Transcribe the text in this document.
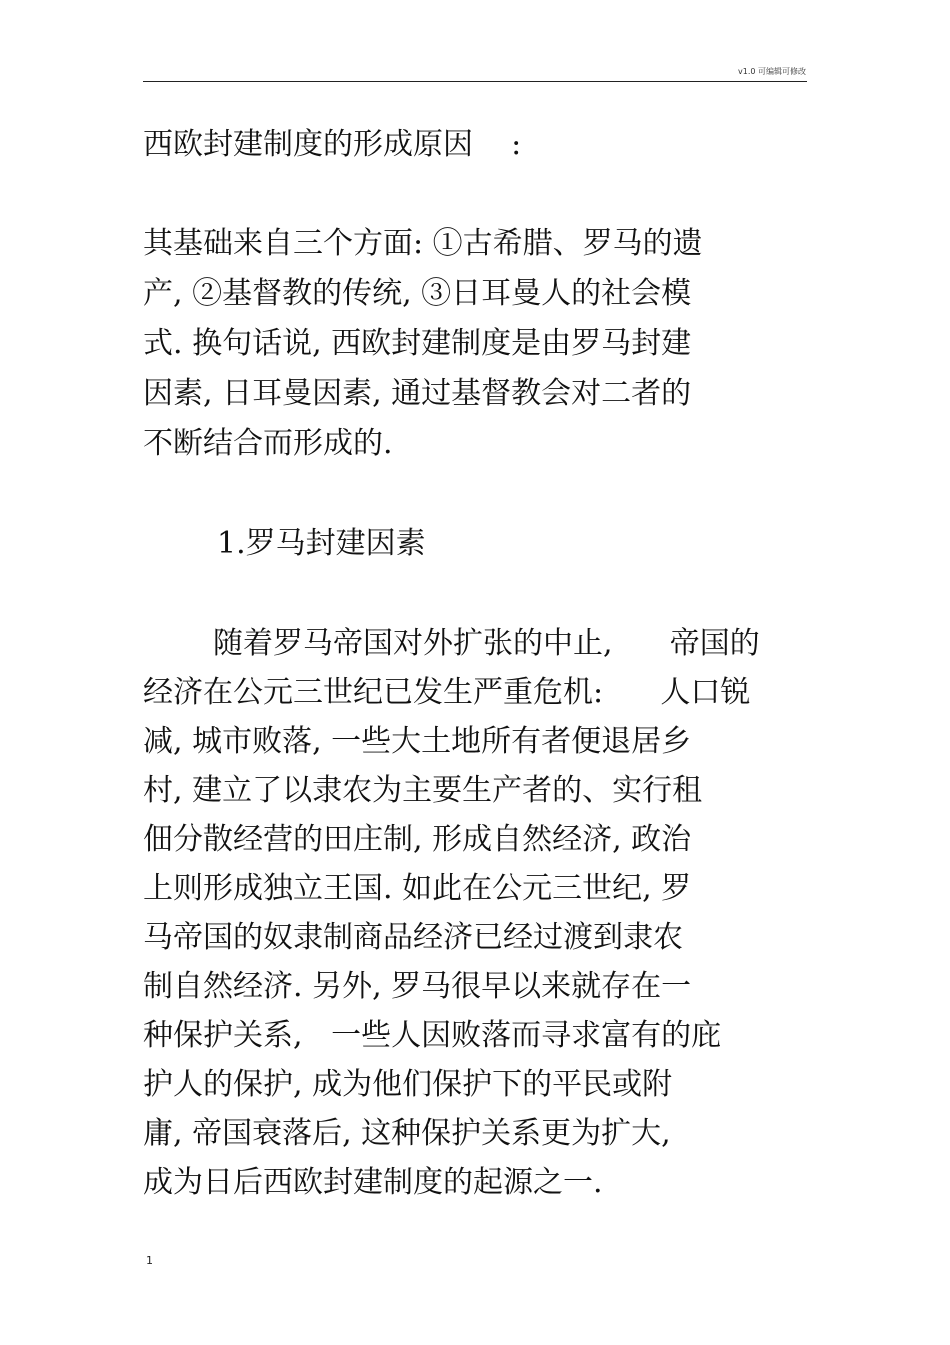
v1.0 可编辑可修改
西欧封建制度的形成原因    :
其基础来自三个方面: ①古希腊、罗马的遗
产, ②基督教的传统, ③日耳曼人的社会模
式. 换句话说, 西欧封建制度是由罗马封建
因素, 日耳曼因素, 通过基督教会对二者的
不断结合而形成的.
1.罗马封建因素
随着罗马帝国对外扩张的中止,      帝国的
经济在公元三世纪已发生严重危机:      人口锐
减, 城市败落, 一些大土地所有者便退居乡
村, 建立了以隶农为主要生产者的、实行租
佃分散经营的田庄制, 形成自然经济, 政治
上则形成独立王国. 如此在公元三世纪, 罗
马帝国的奴隶制商品经济已经过渡到隶农
制自然经济. 另外, 罗马很早以来就存在一
种保护关系,   一些人因败落而寻求富有的庇
护人的保护, 成为他们保护下的平民或附
庸, 帝国衰落后, 这种保护关系更为扩大,
成为日后西欧封建制度的起源之一.
1
